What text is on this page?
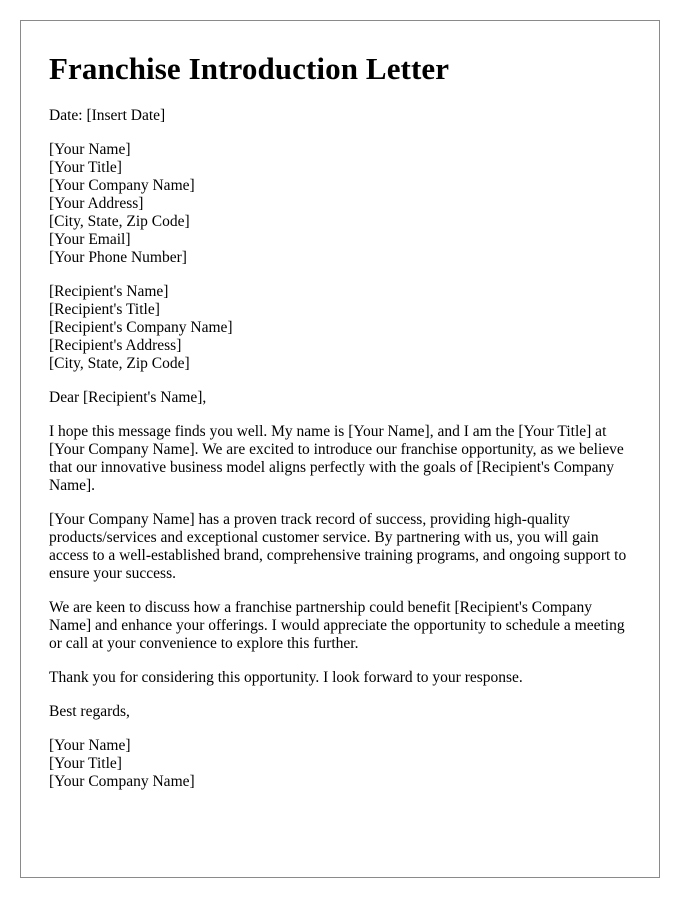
Franchise Introduction Letter

Date: [Insert Date]

[Your Name]

[Your Title]

[Your Company Name]

[Your Address]

[City, State, Zip Code]

[Your Email]

[Your Phone Number]

[Recipient's Name]

[Recipient's Title]

[Recipient's Company Name]

[Recipient's Address]

[City, State, Zip Code]

Dear [Recipient's Name],

I hope this message finds you well. My name is [Your Name], and I am the [Your Title] at [Your Company Name]. We are excited to introduce our franchise opportunity, as we believe that our innovative business model aligns perfectly with the goals of [Recipient's Company Name].

[Your Company Name] has a proven track record of success, providing high-quality products/services and exceptional customer service. By partnering with us, you will gain access to a well-established brand, comprehensive training programs, and ongoing support to ensure your success.

We are keen to discuss how a franchise partnership could benefit [Recipient's Company Name] and enhance your offerings. I would appreciate the opportunity to schedule a meeting or call at your convenience to explore this further.

Thank you for considering this opportunity. I look forward to your response.

Best regards,

[Your Name]

[Your Title]

[Your Company Name]
